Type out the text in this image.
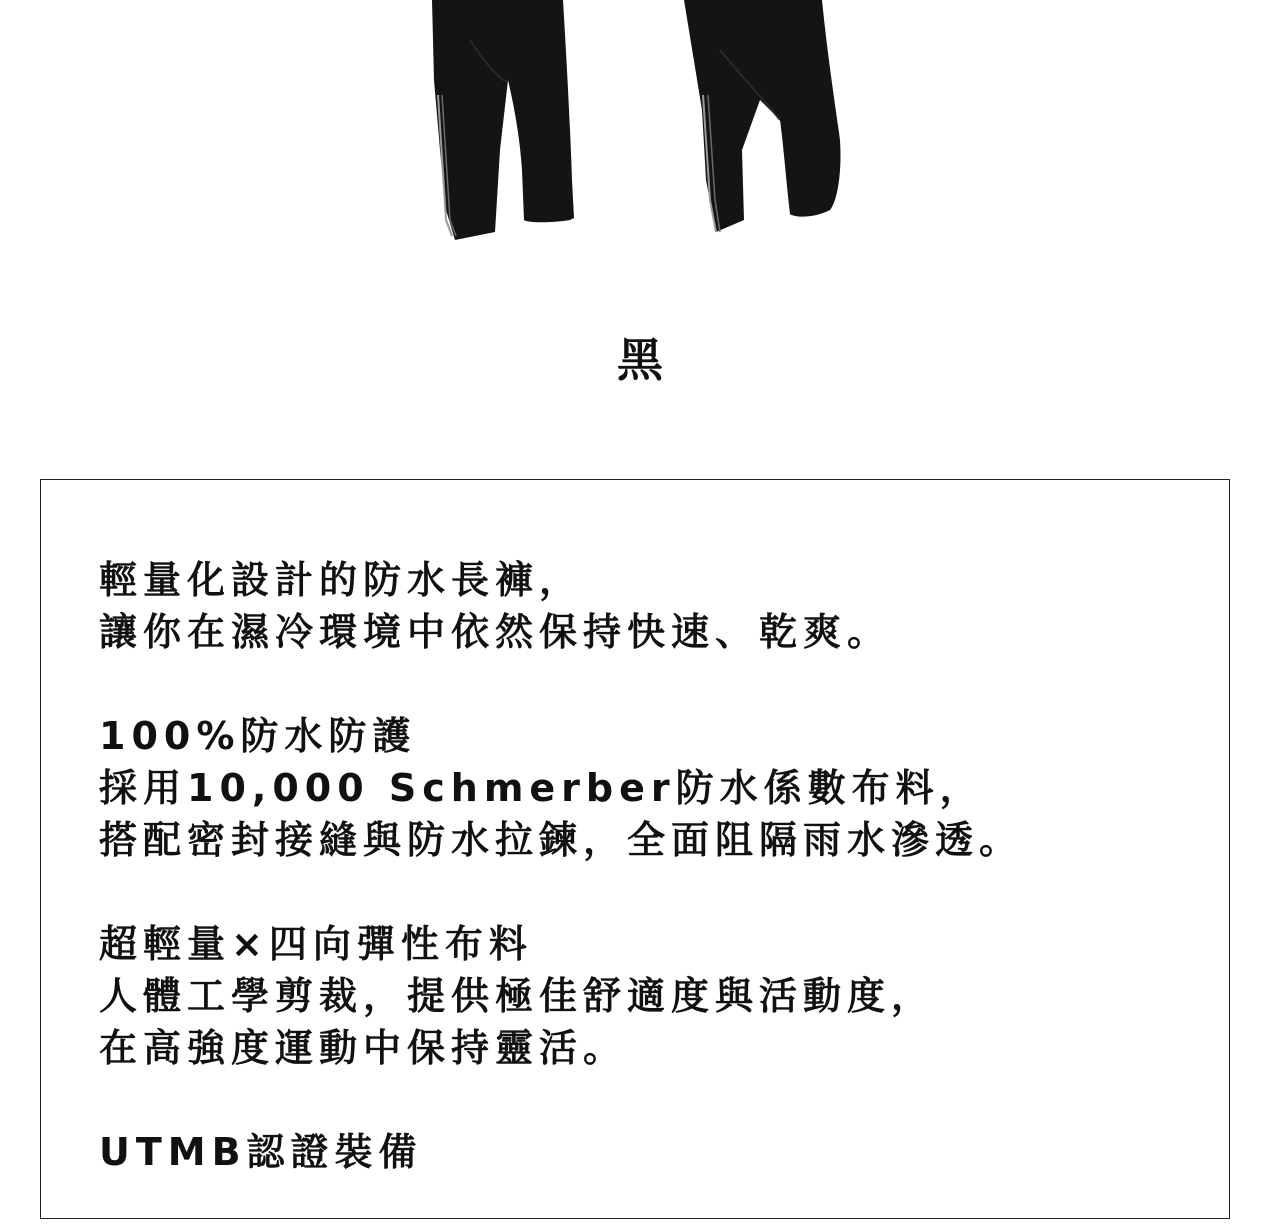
黑
輕量化設計的防水長褲，
讓你在濕冷環境中依然保持快速、乾爽。
100%防水防護
採用10,000 Schmerber防水係數布料，
搭配密封接縫與防水拉鍊，全面阻隔雨水滲透。
超輕量×四向彈性布料
人體工學剪裁，提供極佳舒適度與活動度，
在高強度運動中保持靈活。
UTMB認證裝備
